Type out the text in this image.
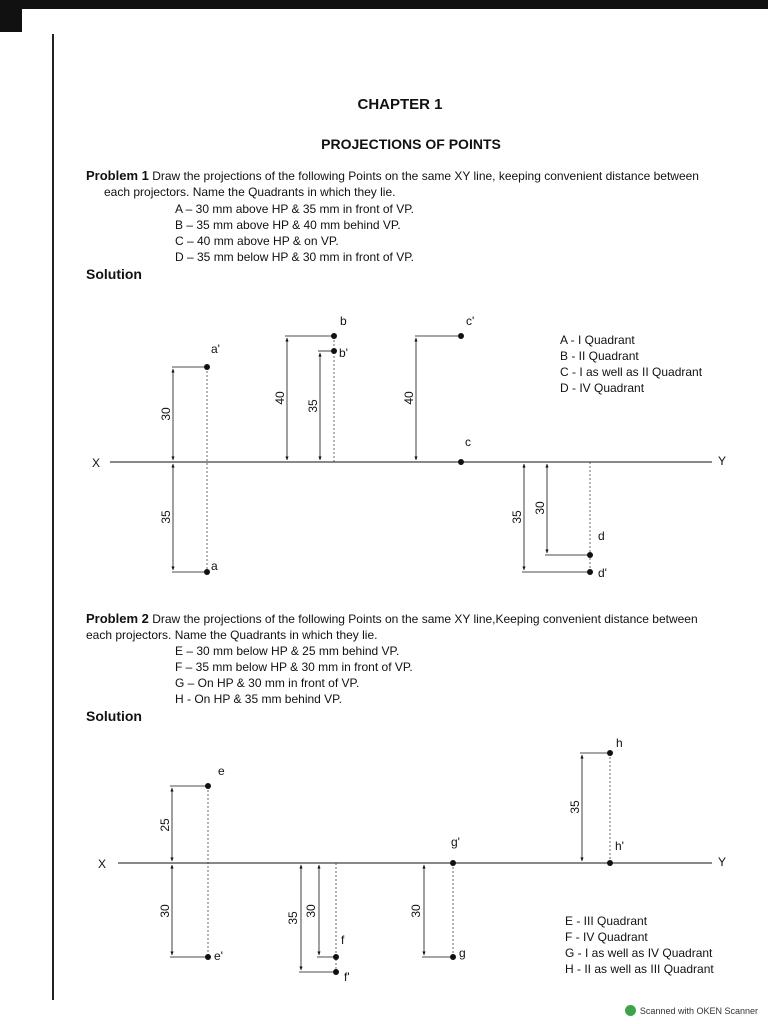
CHAPTER 1
PROJECTIONS OF POINTS
Problem 1 Draw the projections of the following Points on the same XY line, keeping convenient distance between
each projectors. Name the Quadrants in which they lie.
A – 30 mm above HP & 35 mm in front of VP.
B – 35 mm above HP & 40 mm behind VP.
C – 40 mm above HP & on VP.
D – 35 mm below HP & 30 mm in front of VP.
Solution
A - I Quadrant
B - II Quadrant
C - I as well as II Quadrant
D - IV Quadrant
Problem 2 Draw the projections of the following Points on the same XY line,Keeping convenient distance between
each projectors. Name the Quadrants in which they lie.
E – 30 mm below HP & 25 mm behind VP.
F – 35 mm below HP & 30 mm in front of VP.
G – On HP & 30 mm in front of VP.
H - On HP & 35 mm behind VP.
Solution
E - III Quadrant
F - IV Quadrant
G - I as well as IV Quadrant
H - II as well as III Quadrant
X	Y
a'
a
30
35
b
b'
40
35
c'
c
40
d
d'
35
30
X	Y
e
e'
25
30
f
f'
35
30
g'
g
30
h
h'
35
Scanned with OKEN Scanner
